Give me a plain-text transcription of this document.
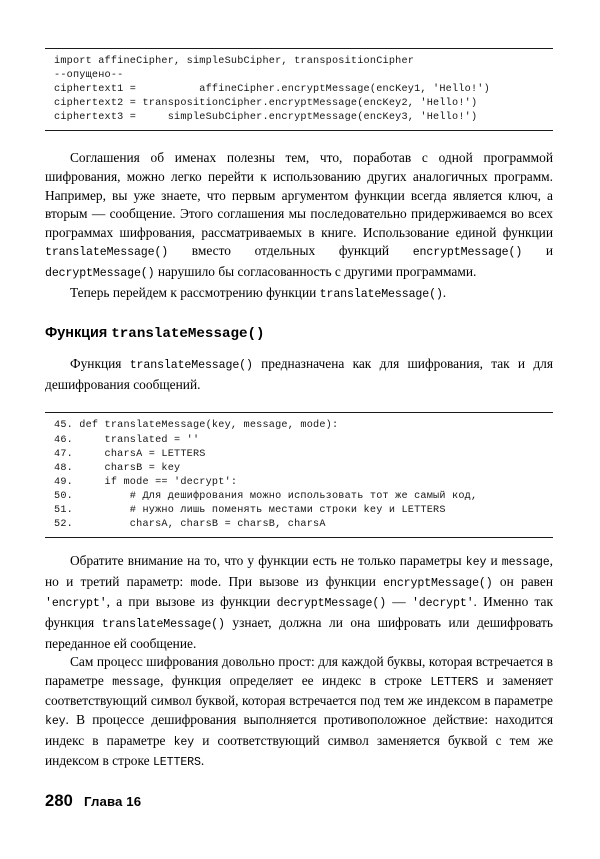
import affineCipher, simpleSubCipher, transpositionCipher
--опущено--
ciphertext1 =          affineCipher.encryptMessage(encKey1, 'Hello!')
ciphertext2 = transpositionCipher.encryptMessage(encKey2, 'Hello!')
ciphertext3 =     simpleSubCipher.encryptMessage(encKey3, 'Hello!')

Соглашения об именах полезны тем, что, поработав с одной программой шифрования, можно легко перейти к использованию других аналогичных программ. Например, вы уже знаете, что первым аргументом функции всегда является ключ, а вторым — сообщение. Этого соглашения мы последовательно придерживаемся во всех программах шифрования, рассматриваемых в книге. Использование единой функции translateMessage() вместо отдельных функций encryptMessage() и decryptMessage() нарушило бы согласованность с другими программами.

Теперь перейдем к рассмотрению функции translateMessage().

Функция translateMessage()

Функция translateMessage() предназначена как для шифрования, так и для дешифрования сообщений.

45. def translateMessage(key, message, mode):
46.     translated = ''
47.     charsA = LETTERS
48.     charsB = key
49.     if mode == 'decrypt':
50.         # Для дешифрования можно использовать тот же самый код,
51.         # нужно лишь поменять местами строки key и LETTERS
52.         charsA, charsB = charsB, charsA

Обратите внимание на то, что у функции есть не только параметры key и message, но и третий параметр: mode. При вызове из функции encryptMessage() он равен 'encrypt', а при вызове из функции decryptMessage() — 'decrypt'. Именно так функция translateMessage() узнает, должна ли она шифровать или дешифровать переданное ей сообщение.

Сам процесс шифрования довольно прост: для каждой буквы, которая встречается в параметре message, функция определяет ее индекс в строке LETTERS и заменяет соответствующий символ буквой, которая встречается под тем же индексом в параметре key. В процессе дешифрования выполняется противоположное действие: находится индекс в параметре key и соответствующий символ заменяется буквой с тем же индексом в строке LETTERS.

280 Глава 16
